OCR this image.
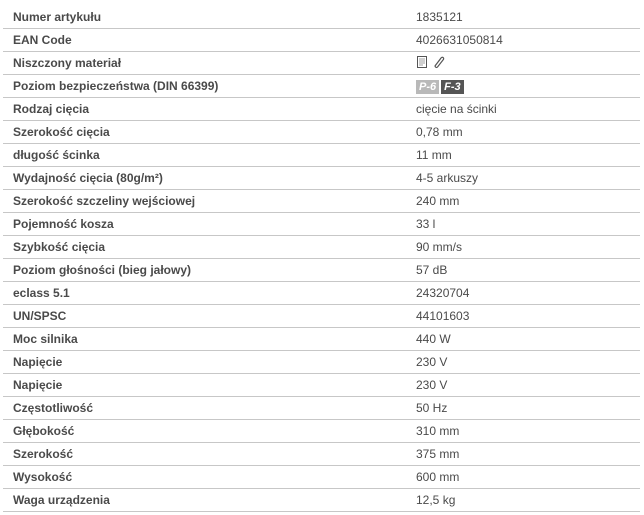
Numer artykułu	1835121
EAN Code	4026631050814
Niszczony materiał
Poziom bezpieczeństwa (DIN 66399)	P-6 F-3
Rodzaj cięcia	cięcie na ścinki
Szerokość cięcia	0,78 mm
długość ścinka	11 mm
Wydajność cięcia (80g/m²)	4-5 arkuszy
Szerokość szczeliny wejściowej	240 mm
Pojemność kosza	33 l
Szybkość cięcia	90 mm/s
Poziom głośności (bieg jałowy)	57 dB
eclass 5.1	24320704
UN/SPSC	44101603
Moc silnika	440 W
Napięcie	230 V
Napięcie	230 V
Częstotliwość	50 Hz
Głębokość	310 mm
Szerokość	375 mm
Wysokość	600 mm
Waga urządzenia	12,5 kg
